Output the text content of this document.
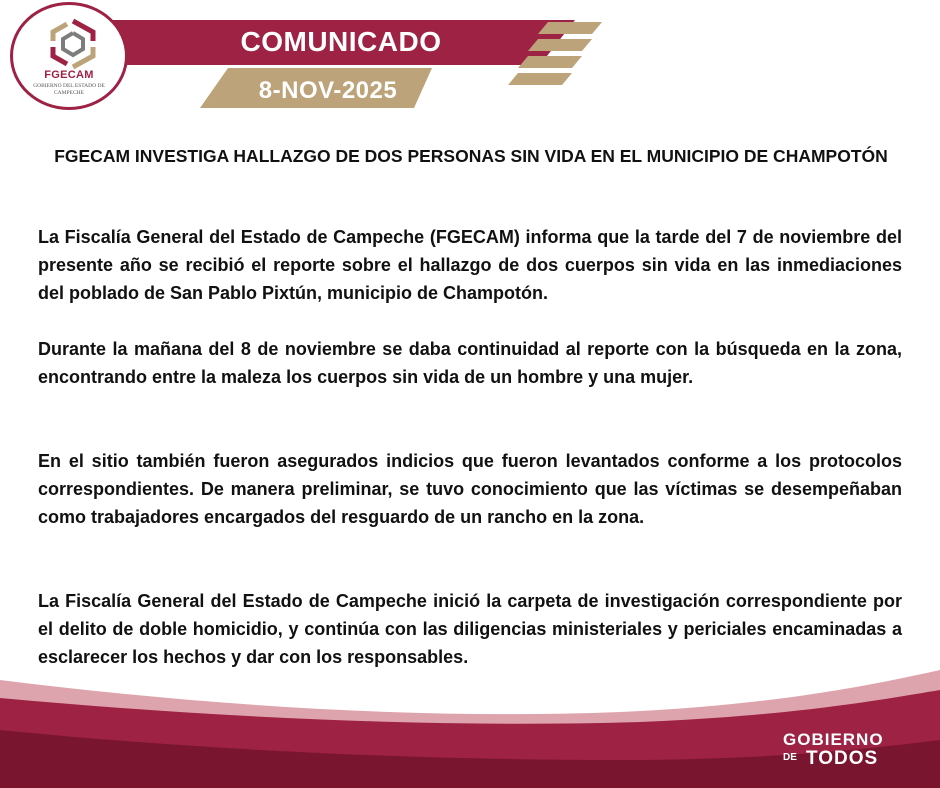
FGECAM
GOBIERNO DEL ESTADO DE CAMPECHE
COMUNICADO
8-NOV-2025
FGECAM INVESTIGA HALLAZGO DE DOS PERSONAS SIN VIDA EN EL MUNICIPIO DE CHAMPOTÓN

La Fiscalía General del Estado de Campeche (FGECAM) informa que la tarde del 7 de noviembre del presente año se recibió el reporte sobre el hallazgo de dos cuerpos sin vida en las inmediaciones del poblado de San Pablo Pixtún, municipio de Champotón.

Durante la mañana del 8 de noviembre se daba continuidad al reporte con la búsqueda en la zona, encontrando entre la maleza los cuerpos sin vida de un hombre y una mujer.

En el sitio también fueron asegurados indicios que fueron levantados conforme a los protocolos correspondientes. De manera preliminar, se tuvo conocimiento que las víctimas se desempeñaban como trabajadores encargados del resguardo de un rancho en la zona.

La Fiscalía General del Estado de Campeche inició la carpeta de investigación correspondiente por el delito de doble homicidio, y continúa con las diligencias ministeriales y periciales encaminadas a esclarecer los hechos y dar con los responsables.

GOBIERNO
DE TODOS
